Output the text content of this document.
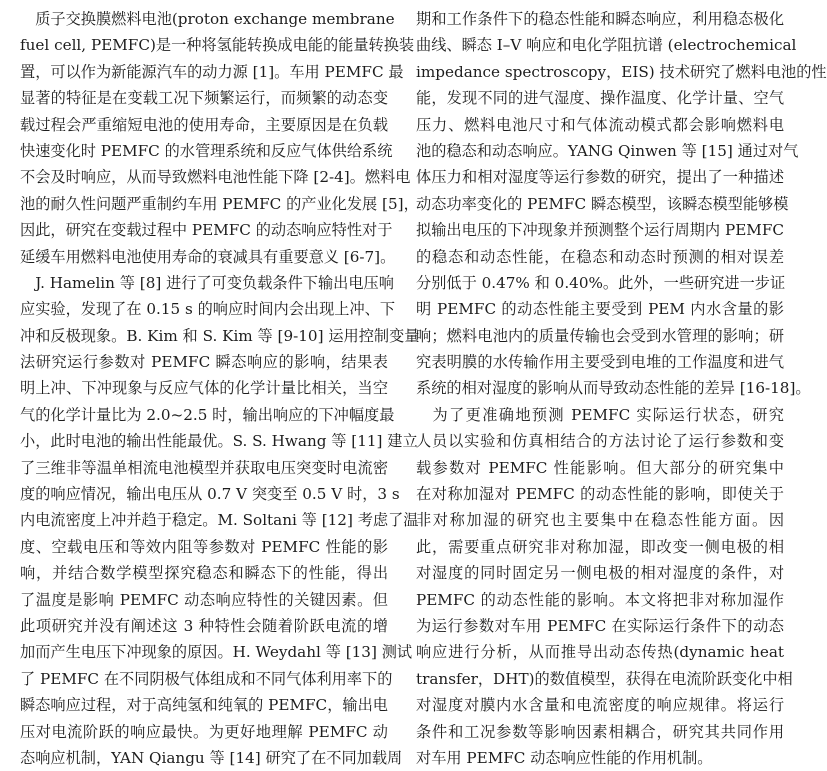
　质子交换膜燃料电池(proton exchange membrane
fuel cell, PEMFC)是一种将氢能转换成电能的能量转换装
置，可以作为新能源汽车的动力源 [1]。车用 PEMFC 最
显著的特征是在变载工况下频繁运行，而频繁的动态变
载过程会严重缩短电池的使用寿命，主要原因是在负载
快速变化时 PEMFC 的水管理系统和反应气体供给系统
不会及时响应，从而导致燃料电池性能下降 [2-4]。燃料电
池的耐久性问题严重制约车用 PEMFC 的产业化发展 [5]，
因此，研究在变载过程中 PEMFC 的动态响应特性对于
延缓车用燃料电池使用寿命的衰减具有重要意义 [6-7]。
　J. Hamelin 等 [8] 进行了可变负载条件下输出电压响
应实验，发现了在 0.15 s 的响应时间内会出现上冲、下
冲和反极现象。B. Kim 和 S. Kim 等 [9-10] 运用控制变量
法研究运行参数对 PEMFC 瞬态响应的影响，结果表
明上冲、下冲现象与反应气体的化学计量比相关，当空
气的化学计量比为 2.0~2.5 时，输出响应的下冲幅度最
小，此时电池的输出性能最优。S. S. Hwang 等 [11] 建立
了三维非等温单相流电池模型并获取电压突变时电流密
度的响应情况，输出电压从 0.7 V 突变至 0.5 V 时，3 s
内电流密度上冲并趋于稳定。M. Soltani 等 [12] 考虑了温
度、空载电压和等效内阻等参数对 PEMFC 性能的影
响，并结合数学模型探究稳态和瞬态下的性能，得出
了温度是影响 PEMFC 动态响应特性的关键因素。但
此项研究并没有阐述这 3 种特性会随着阶跃电流的增
加而产生电压下冲现象的原因。H. Weydahl 等 [13] 测试
了 PEMFC 在不同阴极气体组成和不同气体利用率下的
瞬态响应过程，对于高纯氢和纯氧的 PEMFC，输出电
压对电流阶跃的响应最快。为更好地理解 PEMFC 动
态响应机制，YAN Qiangu 等 [14] 研究了在不同加载周
期和工作条件下的稳态性能和瞬态响应，利用稳态极化
曲线、瞬态 I–V 响应和电化学阻抗谱 (electrochemical
impedance spectroscopy，EIS) 技术研究了燃料电池的性
能，发现不同的进气湿度、操作温度、化学计量、空气
压力、燃料电池尺寸和气体流动模式都会影响燃料电
池的稳态和动态响应。YANG Qinwen 等 [15] 通过对气
体压力和相对湿度等运行参数的研究，提出了一种描述
动态功率变化的 PEMFC 瞬态模型，该瞬态模型能够模
拟输出电压的下冲现象并预测整个运行周期内 PEMFC
的稳态和动态性能，在稳态和动态时预测的相对误差
分别低于 0.47% 和 0.40%。此外，一些研究进一步证
明 PEMFC 的动态性能主要受到 PEM 内水含量的影
响；燃料电池内的质量传输也会受到水管理的影响；研
究表明膜的水传输作用主要受到电堆的工作温度和进气
系统的相对湿度的影响从而导致动态性能的差异 [16-18]。
　为了更准确地预测 PEMFC 实际运行状态，研究
人员以实验和仿真相结合的方法讨论了运行参数和变
载参数对 PEMFC 性能影响。但大部分的研究集中
在对称加湿对 PEMFC 的动态性能的影响，即使关于
非对称加湿的研究也主要集中在稳态性能方面。因
此，需要重点研究非对称加湿，即改变一侧电极的相
对湿度的同时固定另一侧电极的相对湿度的条件，对
PEMFC 的动态性能的影响。本文将把非对称加湿作
为运行参数对车用 PEMFC 在实际运行条件下的动态
响应进行分析，从而推导出动态传热(dynamic heat
transfer，DHT)的数值模型，获得在电流阶跃变化中相
对湿度对膜内水含量和电流密度的响应规律。将运行
条件和工况参数等影响因素相耦合，研究其共同作用
对车用 PEMFC 动态响应性能的作用机制。
